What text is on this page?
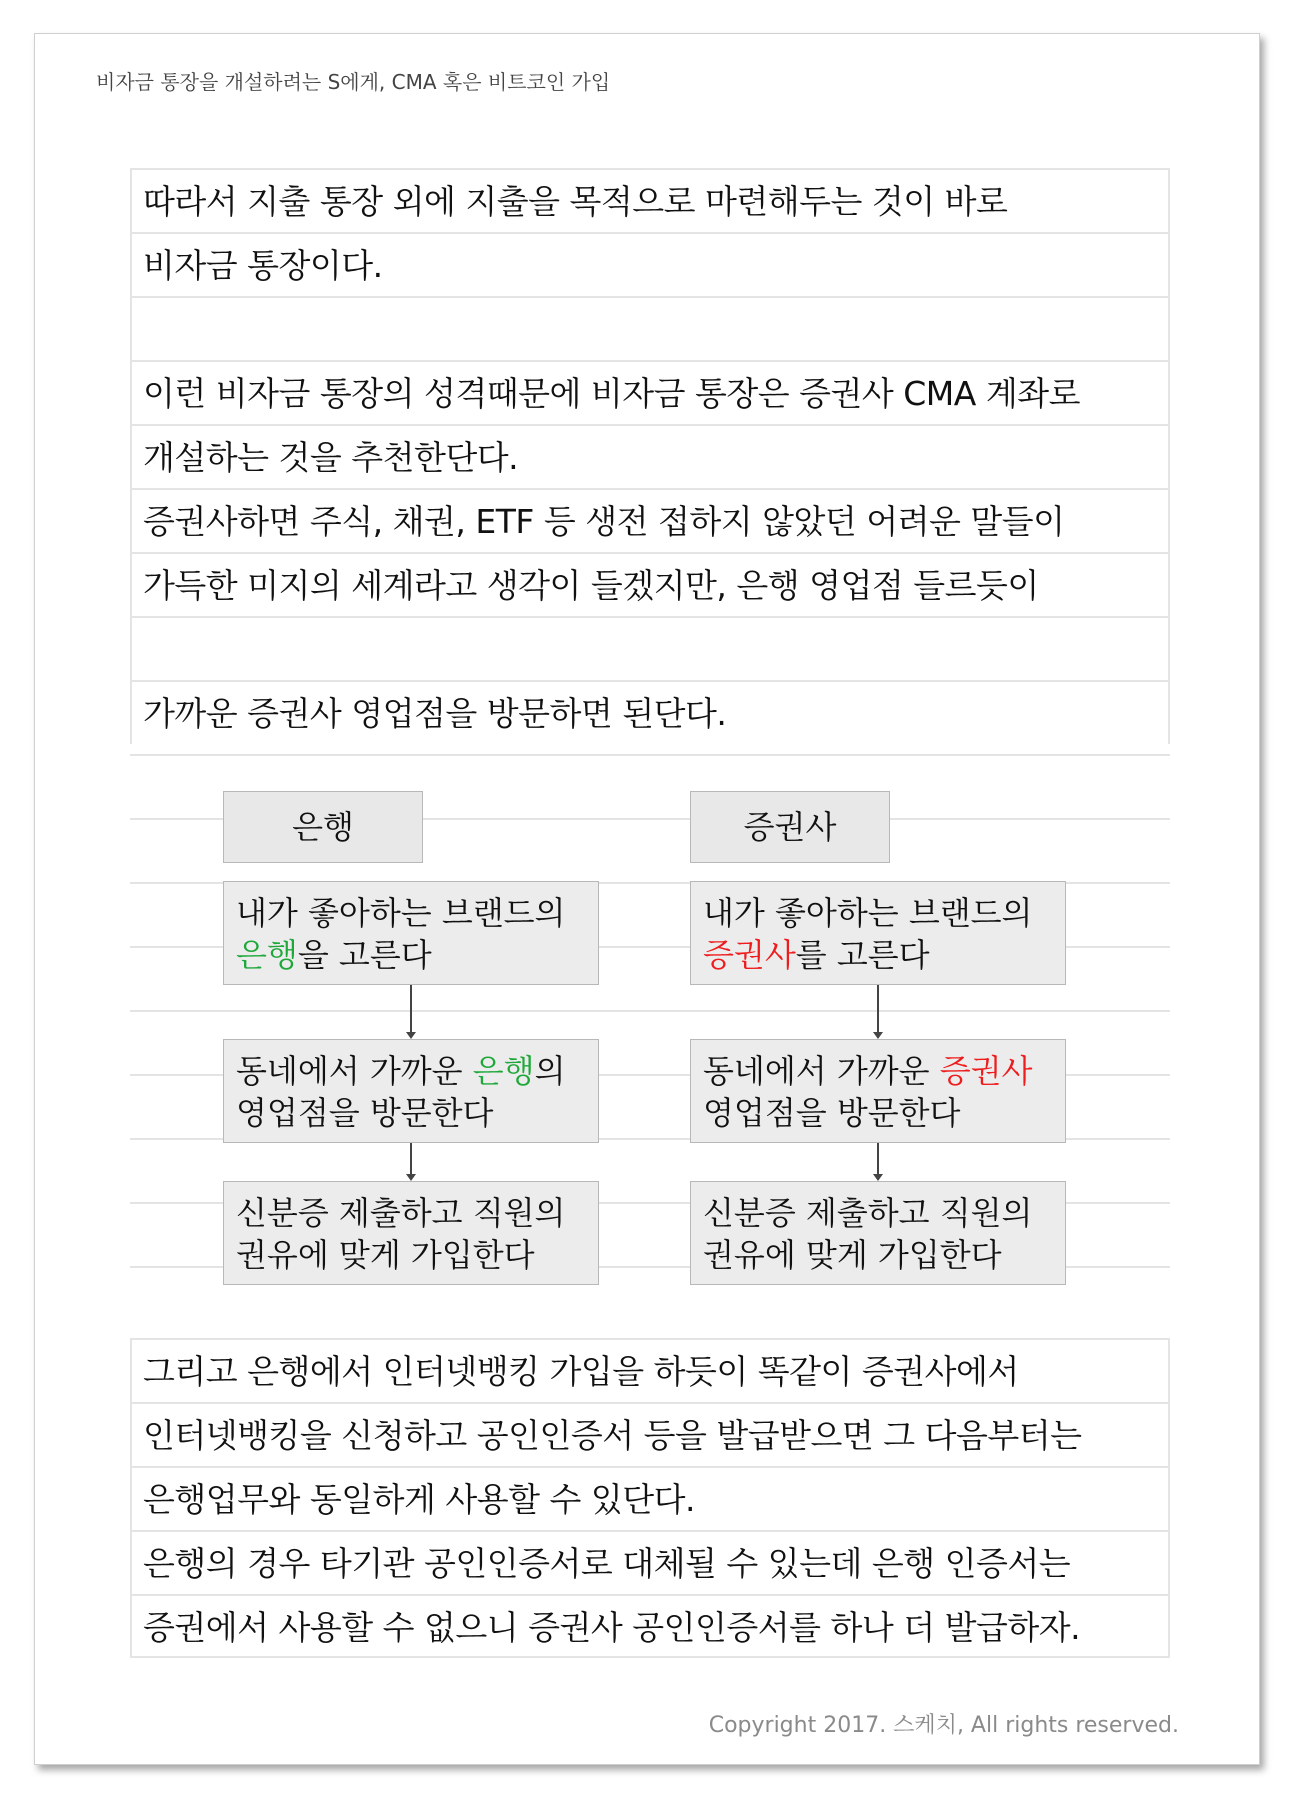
비자금 통장을 개설하려는 S에게, CMA 혹은 비트코인 가입
따라서 지출 통장 외에 지출을 목적으로 마련해두는 것이 바로
비자금 통장이다.
이런 비자금 통장의 성격때문에 비자금 통장은 증권사 CMA 계좌로
개설하는 것을 추천한단다.
증권사하면 주식, 채권, ETF 등 생전 접하지 않았던 어려운 말들이
가득한 미지의 세계라고 생각이 들겠지만, 은행 영업점 들르듯이
가까운 증권사 영업점을 방문하면 된단다.
은행
내가 좋아하는 브랜드의
은행을 고른다
동네에서 가까운 은행의
영업점을 방문한다
신분증 제출하고 직원의
권유에 맞게 가입한다
증권사
내가 좋아하는 브랜드의
증권사를 고른다
동네에서 가까운 증권사
영업점을 방문한다
신분증 제출하고 직원의
권유에 맞게 가입한다
그리고 은행에서 인터넷뱅킹 가입을 하듯이 똑같이 증권사에서
인터넷뱅킹을 신청하고 공인인증서 등을 발급받으면 그 다음부터는
은행업무와 동일하게 사용할 수 있단다.
은행의 경우 타기관 공인인증서로 대체될 수 있는데 은행 인증서는
증권에서 사용할 수 없으니 증권사 공인인증서를 하나 더 발급하자.
Copyright 2017. 스케치, All rights reserved.
